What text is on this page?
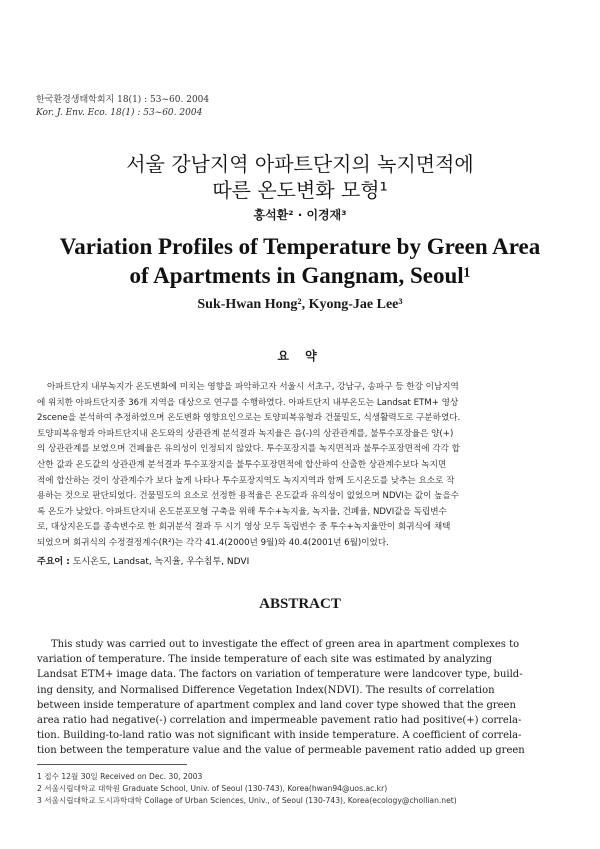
한국환경생태학회지 18(1) : 53~60. 2004
Kor. J. Env. Eco. 18(1) : 53~60. 2004
서울 강남지역 아파트단지의 녹지면적에
따른 온도변화 모형¹
홍석환² · 이경재³
Variation Profiles of Temperature by Green Area
of Apartments in Gangnam, Seoul¹
Suk-Hwan Hong², Kyong-Jae Lee³
요 약
아파트단지 내부녹지가 온도변화에 미치는 영향을 파악하고자 서울시 서초구, 강남구, 송파구 등 한강 이남지역
에 위치한 아파트단지중 36개 지역을 대상으로 연구를 수행하였다. 아파트단지 내부온도는 Landsat ETM+ 영상
2scene을 분석하여 추정하였으며 온도변화 영향요인으로는 토양피복유형과 건물밀도, 식생활력도로 구분하였다.
토양피복유형과 아파트단지내 온도와의 상관관계 분석결과 녹지율은 음(-)의 상관관계를, 불투수포장율은 양(+)
의 상관관계를 보였으며 건폐율은 유의성이 인정되지 않았다. 투수포장지를 녹지면적과 불투수포장면적에 각각 합
산한 값과 온도값의 상관관계 분석결과 투수포장지을 불투수포장면적에 합산하여 산출한 상관계수보다 녹지면
적에 합산하는 것이 상관계수가 보다 높게 나타나 투수포장지역도 녹지지역과 함께 도시온도를 낮추는 요소로 작
용하는 것으로 판단되었다. 건물밀도의 요소로 선정한 용적율은 온도값과 유의성이 없었으며 NDVI는 값이 높을수
록 온도가 낮았다. 아파트단지내 온도분포모형 구축을 위해 투수+녹지율, 녹지율, 건폐율, NDVI값을 독립변수
로, 대상지온도를 종속변수로 한 회귀분석 결과 두 시기 영상 모두 독립변수 중 투수+녹지율만이 회귀식에 채택
되었으며 회귀식의 수정결정계수(R²)는 각각 41.4(2000년 9월)와 40.4(2001년 6월)이었다.
주요어 : 도시온도, Landsat, 녹지율, 우수침투, NDVI
ABSTRACT
This study was carried out to investigate the effect of green area in apartment complexes to
variation of temperature. The inside temperature of each site was estimated by analyzing
Landsat ETM+ image data. The factors on variation of temperature were landcover type, build-
ing density, and Normalised Difference Vegetation Index(NDVI). The results of correlation
between inside temperature of apartment complex and land cover type showed that the green
area ratio had negative(-) correlation and impermeable pavement ratio had positive(+) correla-
tion. Building-to-land ratio was not significant with inside temperature. A coefficient of correla-
tion between the temperature value and the value of permeable pavement ratio added up green
1 접수 12월 30일 Received on Dec. 30, 2003
2 서울시립대학교 대학원 Graduate School, Univ. of Seoul (130-743), Korea(hwan94@uos.ac.kr)
3 서울시립대학교 도시과학대학 Collage of Urban Sciences, Univ., of Seoul (130-743), Korea(ecology@chollian.net)
